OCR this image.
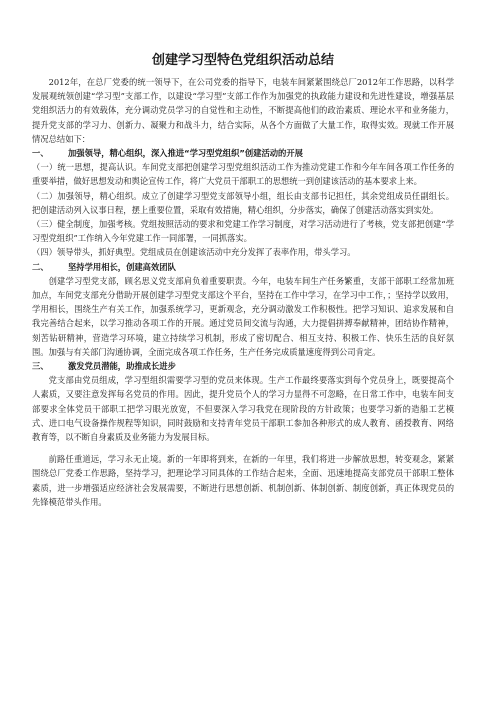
创建学习型特色党组织活动总结

2012年，在总厂党委的统一领导下，在公司党委的指导下，电装车间紧紧围绕总厂2012年工作思路，以科学发展观统领创建“学习型”支部工作，以建设“学习型”支部工作作为加强党的执政能力建设和先进性建设，增强基层党组织活力的有效载体，充分调动党员学习的自觉性和主动性，不断提高他们的政治素质、理论水平和业务能力，提升党支部的学习力、创新力、凝聚力和战斗力，结合实际，从各个方面做了大量工作，取得实效。现就工作开展情况总结如下：

一、 加强领导，精心组织，深入推进“学习型党组织”创建活动的开展

（一）统一思想，提高认识。车间党支部把创建学习型党组织活动工作为推动党建工作和今年车间各项工作任务的重要举措，做好思想发动和舆论宣传工作，将广大党员干部职工的思想统一到创建该活动的基本要求上来。

（二）加强领导，精心组织。成立了创建学习型党支部领导小组，组长由支部书记担任，其余党组成员任副组长。把创建活动列入议事日程，摆上重要位置，采取有效措施，精心组织，分步落实，确保了创建活动落实到实处。

（三）健全制度，加强考核。党组按照活动的要求和党建工作学习制度，对学习活动进行了考核，党支部把创建“学习型党组织”工作纳入今年党建工作一同部署，一同抓落实。

（四）领导带头，抓好典型。党组成员在创建该活动中充分发挥了表率作用，带头学习。

二、 坚持学用相长，创建高效团队

创建学习型党支部，顾名思义党支部肩负着重要职责。今年，电装车间生产任务繁重，支部干部职工经常加班加点，车间党支部充分借助开展创建学习型党支部这个平台，坚持在工作中学习，在学习中工作，；坚持学以致用，学用相长，围绕生产有关工作，加强系统学习，更新观念，充分调动激发工作积极性。把学习知识、追求发展和自我完善结合起来，以学习推动各项工作的开展。通过党员间交流与沟通，大力提倡拼搏奉献精神，团结协作精神，刻苦钻研精神，营造学习环境，建立持续学习机制，形成了密切配合、相互支持、积极工作、快乐生活的良好氛围。加强与有关部门沟通协调，全面完成各项工作任务，生产任务完成质量速度得到公司肯定。

三、 激发党员潜能，助推成长进步

党支部由党员组成，学习型组织需要学习型的党员来体现。生产工作最终要落实到每个党员身上，既要提高个人素质，又要注意发挥每名党员的作用。因此，提升党员个人的学习力显得不可忽略，在日常工作中，电装车间支部要求全体党员干部职工把学习眼光放宽，不但要深入学习我党在现阶段的方针政策；也要学习新的造船工艺模式、进口电气设备操作规程等知识，同时鼓励和支持青年党员干部职工参加各种形式的成人教育、函授教育、网络教育等，以不断自身素质及业务能力为发展目标。

前路任重道远，学习永无止境。新的一年即将到来，在新的一年里，我们将进一步解放思想，转变观念，紧紧围绕总厂党委工作思路，坚持学习，把理论学习同具体的工作结合起来，全面、迅速地提高支部党员干部职工整体素质，进一步增强适应经济社会发展需要，不断进行思想创新、机制创新、体制创新、制度创新，真正体现党员的先锋模范带头作用。
